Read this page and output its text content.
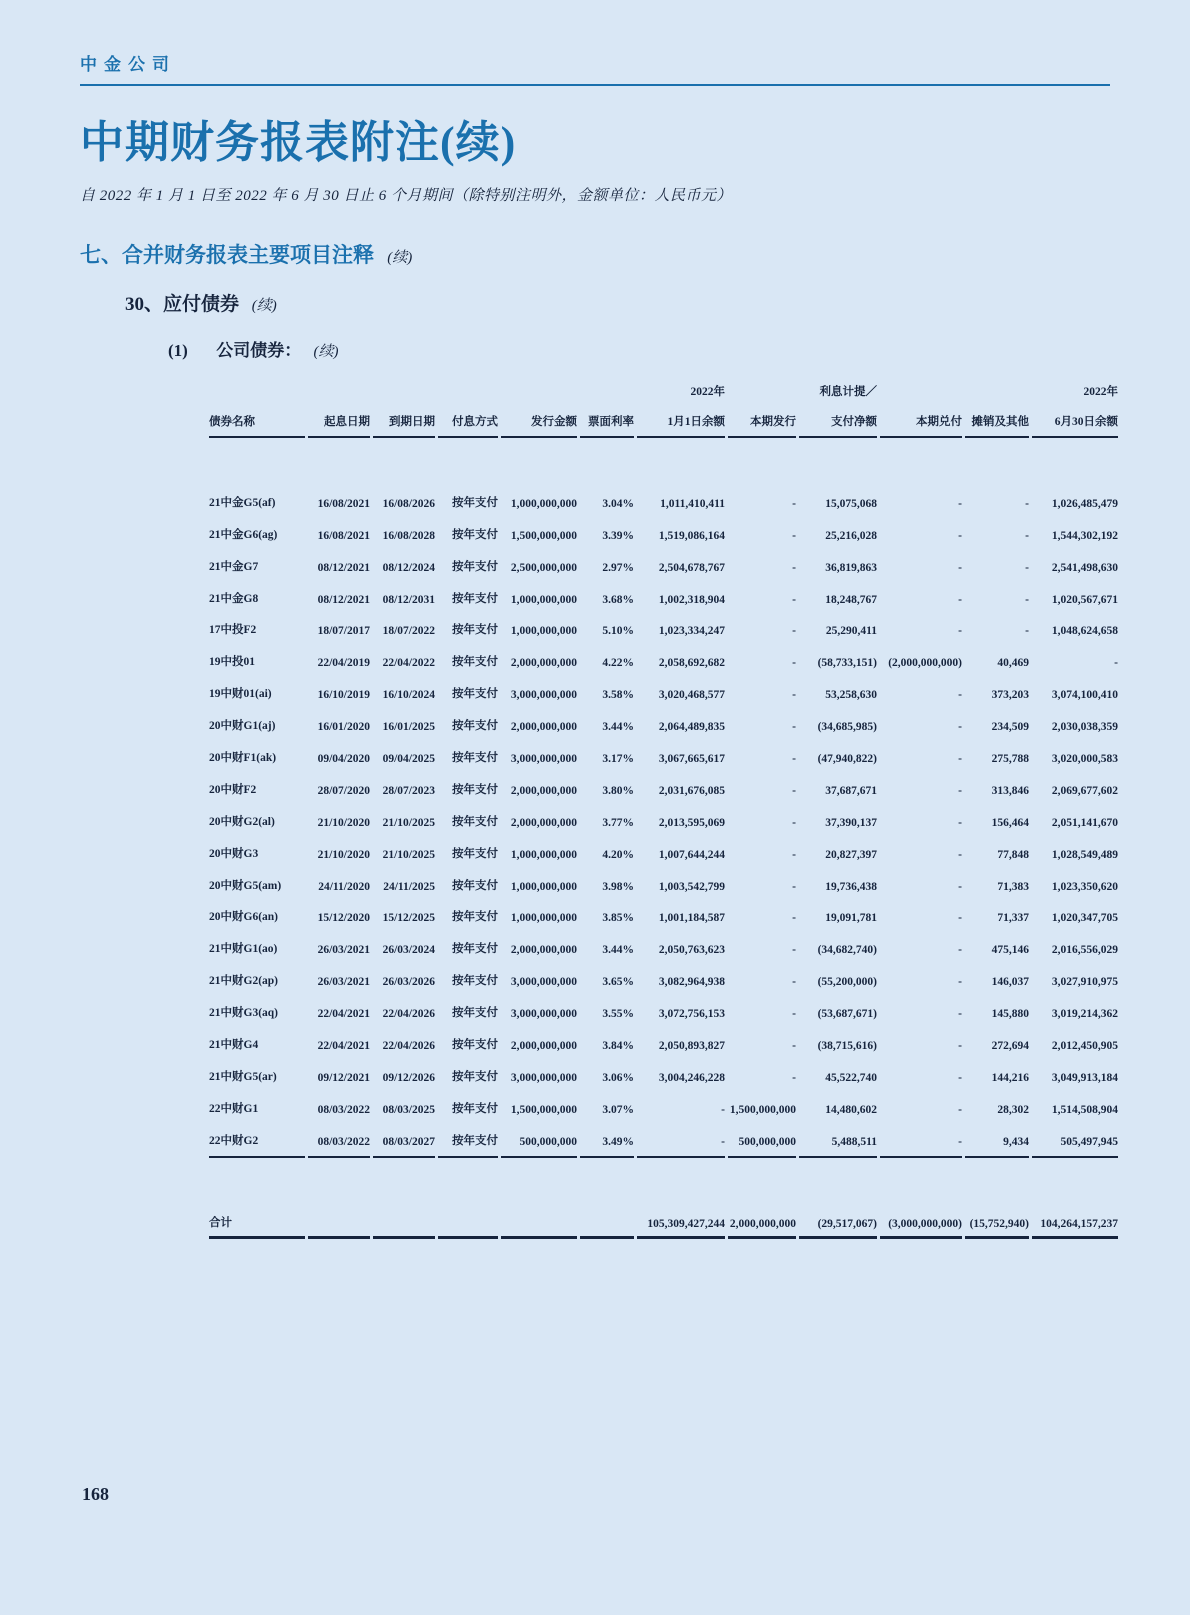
中金公司
中期财务报表附注(续)
自 2022 年 1 月 1 日至 2022 年 6 月 30 日止 6 个月期间（除特别注明外，金额单位：人民币元）
七、合并财务报表主要项目注释 (续)
30、应付债券 (续)
(1) 公司债券： (续)
						2022年		利息计提／			2022年
债券名称	起息日期	到期日期	付息方式	发行金额	票面利率	1月1日余额	本期发行	支付净额	本期兑付	摊销及其他	6月30日余额

21中金G5(af)	16/08/2021	16/08/2026	按年支付	1,000,000,000	3.04%	1,011,410,411	-	15,075,068	-	-	1,026,485,479
21中金G6(ag)	16/08/2021	16/08/2028	按年支付	1,500,000,000	3.39%	1,519,086,164	-	25,216,028	-	-	1,544,302,192
21中金G7	08/12/2021	08/12/2024	按年支付	2,500,000,000	2.97%	2,504,678,767	-	36,819,863	-	-	2,541,498,630
21中金G8	08/12/2021	08/12/2031	按年支付	1,000,000,000	3.68%	1,002,318,904	-	18,248,767	-	-	1,020,567,671
17中投F2	18/07/2017	18/07/2022	按年支付	1,000,000,000	5.10%	1,023,334,247	-	25,290,411	-	-	1,048,624,658
19中投01	22/04/2019	22/04/2022	按年支付	2,000,000,000	4.22%	2,058,692,682	-	(58,733,151)	(2,000,000,000)	40,469	-
19中财01(ai)	16/10/2019	16/10/2024	按年支付	3,000,000,000	3.58%	3,020,468,577	-	53,258,630	-	373,203	3,074,100,410
20中财G1(aj)	16/01/2020	16/01/2025	按年支付	2,000,000,000	3.44%	2,064,489,835	-	(34,685,985)	-	234,509	2,030,038,359
20中财F1(ak)	09/04/2020	09/04/2025	按年支付	3,000,000,000	3.17%	3,067,665,617	-	(47,940,822)	-	275,788	3,020,000,583
20中财F2	28/07/2020	28/07/2023	按年支付	2,000,000,000	3.80%	2,031,676,085	-	37,687,671	-	313,846	2,069,677,602
20中财G2(al)	21/10/2020	21/10/2025	按年支付	2,000,000,000	3.77%	2,013,595,069	-	37,390,137	-	156,464	2,051,141,670
20中财G3	21/10/2020	21/10/2025	按年支付	1,000,000,000	4.20%	1,007,644,244	-	20,827,397	-	77,848	1,028,549,489
20中财G5(am)	24/11/2020	24/11/2025	按年支付	1,000,000,000	3.98%	1,003,542,799	-	19,736,438	-	71,383	1,023,350,620
20中财G6(an)	15/12/2020	15/12/2025	按年支付	1,000,000,000	3.85%	1,001,184,587	-	19,091,781	-	71,337	1,020,347,705
21中财G1(ao)	26/03/2021	26/03/2024	按年支付	2,000,000,000	3.44%	2,050,763,623	-	(34,682,740)	-	475,146	2,016,556,029
21中财G2(ap)	26/03/2021	26/03/2026	按年支付	3,000,000,000	3.65%	3,082,964,938	-	(55,200,000)	-	146,037	3,027,910,975
21中财G3(aq)	22/04/2021	22/04/2026	按年支付	3,000,000,000	3.55%	3,072,756,153	-	(53,687,671)	-	145,880	3,019,214,362
21中财G4	22/04/2021	22/04/2026	按年支付	2,000,000,000	3.84%	2,050,893,827	-	(38,715,616)	-	272,694	2,012,450,905
21中财G5(ar)	09/12/2021	09/12/2026	按年支付	3,000,000,000	3.06%	3,004,246,228	-	45,522,740	-	144,216	3,049,913,184
22中财G1	08/03/2022	08/03/2025	按年支付	1,500,000,000	3.07%	-	1,500,000,000	14,480,602	-	28,302	1,514,508,904
22中财G2	08/03/2022	08/03/2027	按年支付	500,000,000	3.49%	-	500,000,000	5,488,511	-	9,434	505,497,945

合计						105,309,427,244	2,000,000,000	(29,517,067)	(3,000,000,000)	(15,752,940)	104,264,157,237
168
